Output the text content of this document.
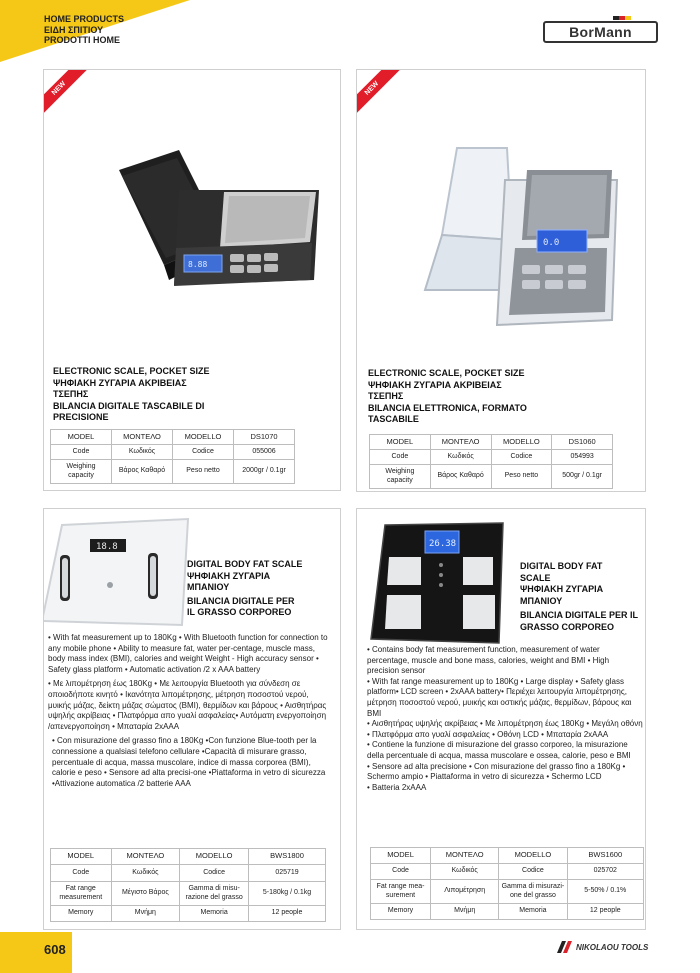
HOME PRODUCTS
ΕΙΔΗ ΣΠΙΤΙΟΥ
PRODOTTI HOME	BorMann
NEW
8.88
ELECTRONIC SCALE, POCKET SIZE
ΨΗΦΙΑΚΗ ΖΥΓΑΡΙΑ ΑΚΡΙΒΕΙΑΣ
ΤΣΕΠΗΣ
BILANCIA DIGITALE TASCABILE DI
PRECISIONE
MODEL	ΜΟΝΤΕΛΟ	MODELLO	DS1070
Code	Κωδικός	Codice	055006
Weighing capacity	Βάρος Καθαρό	Peso netto	2000gr / 0.1gr
NEW
0.0
ELECTRONIC SCALE, POCKET SIZE
ΨΗΦΙΑΚΗ ΖΥΓΑΡΙΑ ΑΚΡΙΒΕΙΑΣ
ΤΣΕΠΗΣ
BILANCIA ELETTRONICA, FORMATO
TASCABILE
MODEL	ΜΟΝΤΕΛΟ	MODELLO	DS1060
Code	Κωδικός	Codice	054993
Weighing capacity	Βάρος Καθαρό	Peso netto	500gr / 0.1gr
18.8
DIGITAL BODY FAT SCALE
ΨΗΦΙΑΚΗ ΖΥΓΑΡΙΑ
ΜΠΑΝΙΟΥ
BILANCIA DIGITALE PER
IL GRASSO CORPOREO

• With fat measurement up to 180Kg • With Bluetooth function for connection to any mobile phone • Ability to measure fat, water per-centage, muscle mass, body mass index (BMI), calories and weight Weight - High accuracy sensor • Safety glass platform • Automatic activation /2 x AAA battery

• Με λιπομέτρηση έως 180Kg • Με λειτουργία Bluetooth για σύνδεση σε οποιοδήποτε κινητό • Ικανότητα λιπομέτρησης, μέτρηση ποσοστού νερού, μυικής μάζας, δείκτη μάζας σώματος (BMI), θερμίδων και βάρους • Αισθητήρας υψηλής ακρίβειας • Πλατφόρμα απο γυαλί ασφαλείας• Αυτόματη ενεργοποίηση /απενεργοποίηση • Μπαταρία 2xAAA

• Con misurazione del grasso fino a 180Kg •Con funzione Blue-tooth per la connessione a qualsiasi telefono cellulare •Capacità di misurare grasso, percentuale di acqua, massa muscolare, indice di massa corporea (BMI), calorie e peso • Sensore ad alta precisi-one •Piattaforma in vetro di sicurezza •Attivazione automatica /2 batterie AAA

MODEL	ΜΟΝΤΕΛΟ	MODELLO	BWS1800
Code	Κωδικός	Codice	025719
Fat range measurement	Μέγιστο Βάρος	Gamma di misu-razione del grasso	5-180kg / 0.1kg
Memory	Μνήμη	Memoria	12 people
26.38
DIGITAL BODY FAT
SCALE
ΨΗΦΙΑΚΗ ΖΥΓΑΡΙΑ
ΜΠΑΝΙΟΥ
BILANCIA DIGITALE PER IL
GRASSO CORPOREO
• Contains body fat measurement function, measurement of water percentage, muscle and bone mass, calories, weight and BMI • High precision sensor
• With fat range measurement up to 180Kg • Large display • Safety glass platform• LCD screen • 2xAAA battery• Περιέχει λειτουργία λιπομέτρησης, μέτρηση ποσοστού νερού, μυικής και οστικής μάζας, θερμίδων, βάρους και BMI
• Αισθητήρας υψηλής ακρίβειας • Με λιπομέτρηση έως 180Kg • Μεγάλη οθόνη
• Πλατφόρμα απο γυαλί ασφαλείας • Οθόνη LCD • Μπαταρία 2xAAA
• Contiene la funzione di misurazione del grasso corporeo, la misurazione della percentuale di acqua, massa muscolare e ossea, calorie, peso e BMI
• Sensore ad alta precisione • Con misurazione del grasso fino a 180Kg • Schermo ampio • Piattaforma in vetro di sicurezza • Schermo LCD
• Batteria 2xAAA
MODEL	ΜΟΝΤΕΛΟ	MODELLO	BWS1600
Code	Κωδικός	Codice	025702
Fat range mea-surement	Λιπομέτρηση	Gamma di misurazi-one del grasso	5-50% / 0.1%
Memory	Μνήμη	Memoria	12 people
608	NIKOLAOU TOOLS
